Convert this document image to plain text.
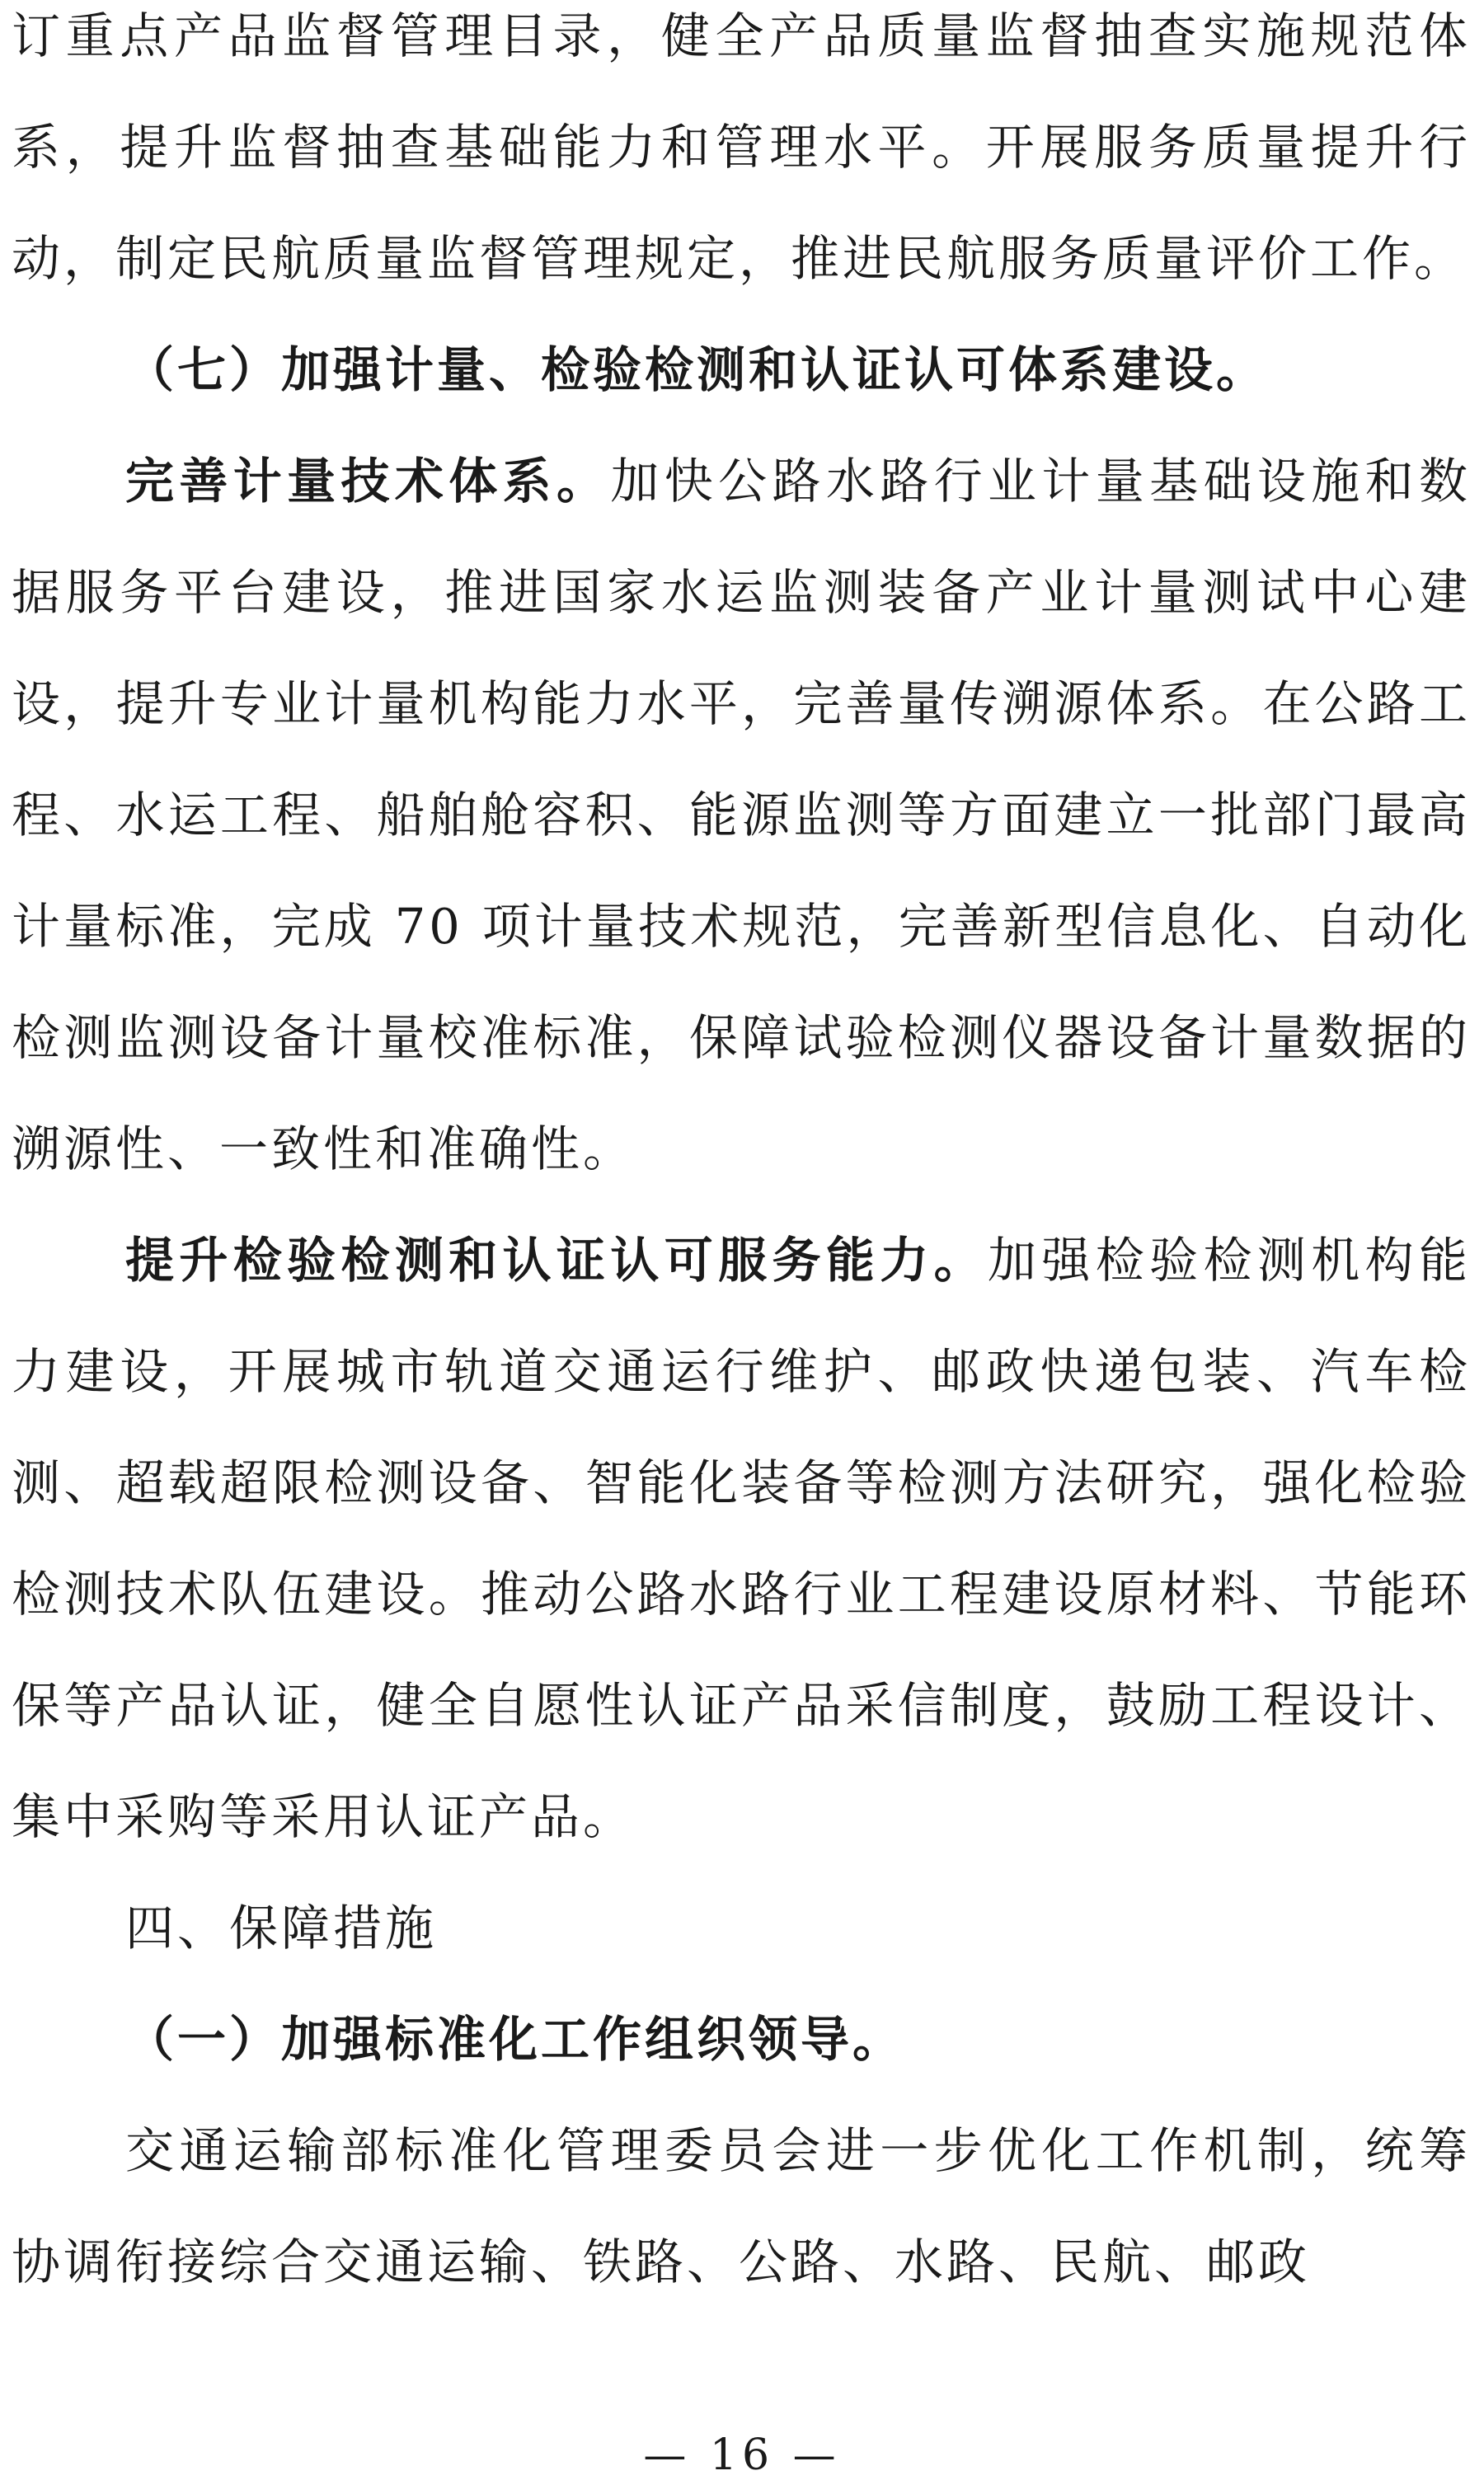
订重点产品监督管理目录，健全产品质量监督抽查实施规范体系，提升监督抽查基础能力和管理水平。开展服务质量提升行动，制定民航质量监督管理规定，推进民航服务质量评价工作。

（七）加强计量、检验检测和认证认可体系建设。

完善计量技术体系。加快公路水路行业计量基础设施和数据服务平台建设，推进国家水运监测装备产业计量测试中心建设，提升专业计量机构能力水平，完善量传溯源体系。在公路工程、水运工程、船舶舱容积、能源监测等方面建立一批部门最高计量标准，完成 70 项计量技术规范，完善新型信息化、自动化检测监测设备计量校准标准，保障试验检测仪器设备计量数据的溯源性、一致性和准确性。

提升检验检测和认证认可服务能力。加强检验检测机构能力建设，开展城市轨道交通运行维护、邮政快递包装、汽车检测、超载超限检测设备、智能化装备等检测方法研究，强化检验检测技术队伍建设。推动公路水路行业工程建设原材料、节能环保等产品认证，健全自愿性认证产品采信制度，鼓励工程设计、集中采购等采用认证产品。

四、保障措施

（一）加强标准化工作组织领导。

交通运输部标准化管理委员会进一步优化工作机制，统筹协调衔接综合交通运输、铁路、公路、水路、民航、邮政

— 16 —
